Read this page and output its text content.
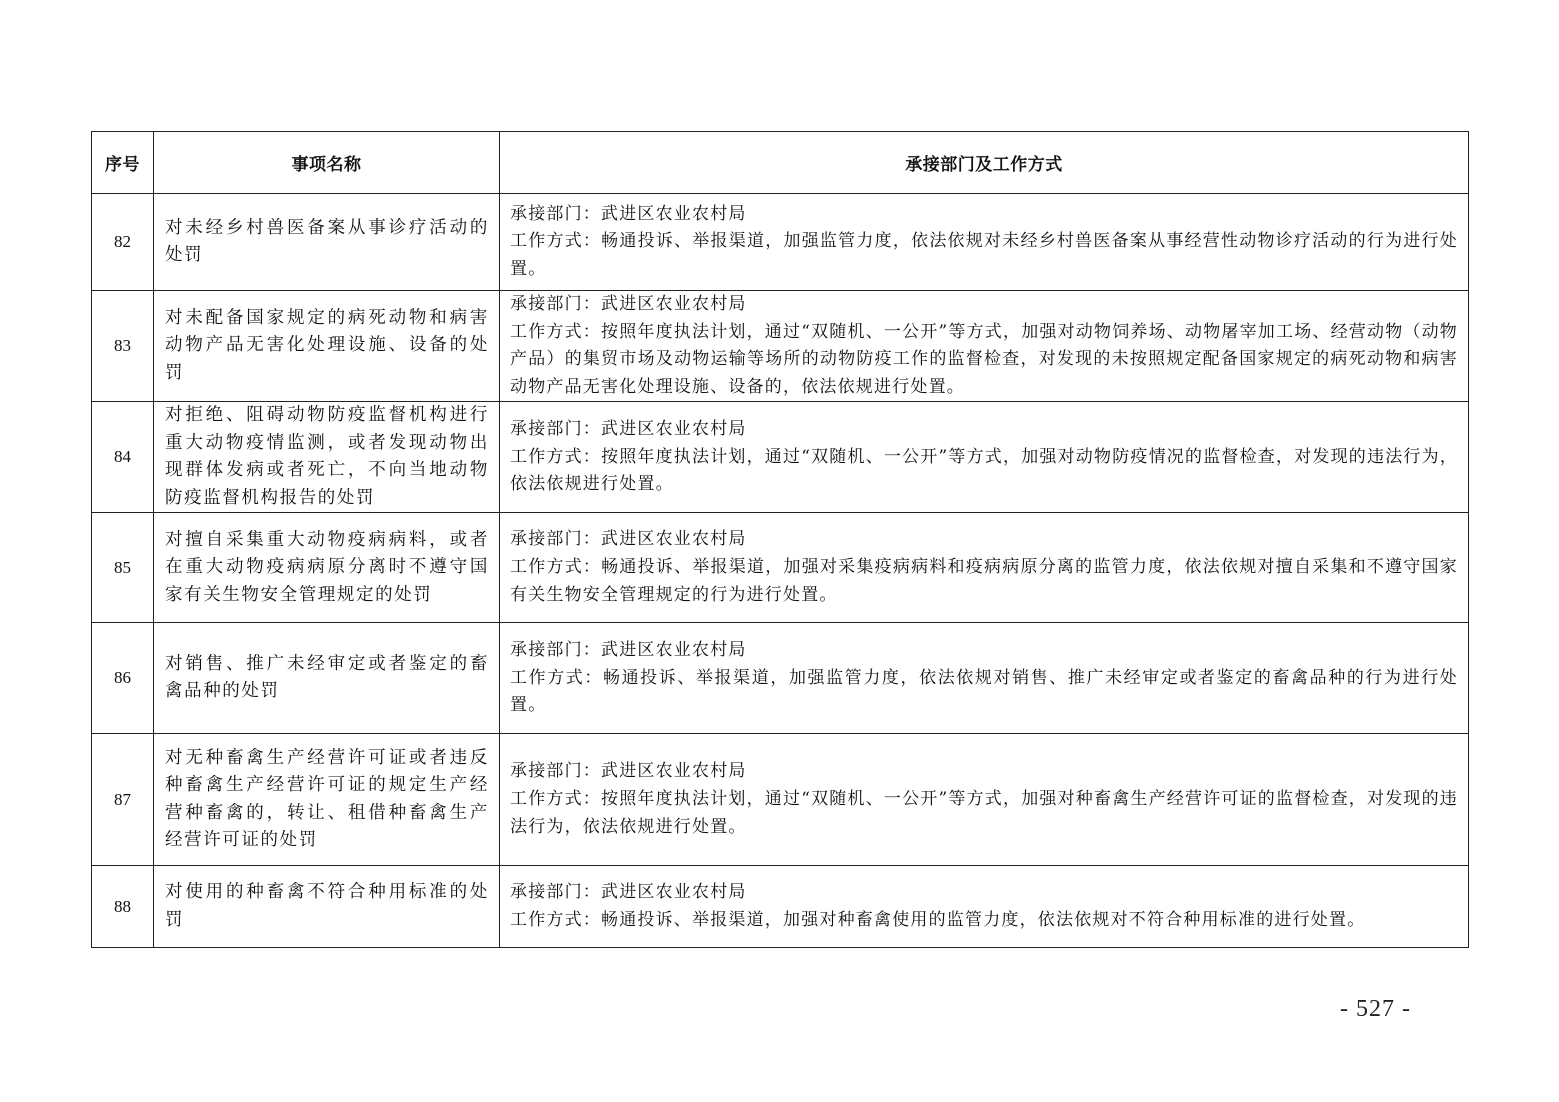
序号	事项名称	承接部门及工作方式
82	对未经乡村兽医备案从事诊疗活动的处罚	承接部门：武进区农业农村局
工作方式：畅通投诉、举报渠道，加强监管力度，依法依规对未经乡村兽医备案从事经营性动物诊疗活动的行为进行处置。

83	对未配备国家规定的病死动物和病害动物产品无害化处理设施、设备的处罚	承接部门：武进区农业农村局
工作方式：按照年度执法计划，通过“双随机、一公开”等方式，加强对动物饲养场、动物屠宰加工场、经营动物（动物产品）的集贸市场及动物运输等场所的动物防疫工作的监督检查，对发现的未按照规定配备国家规定的病死动物和病害动物产品无害化处理设施、设备的，依法依规进行处置。

84	对拒绝、阻碍动物防疫监督机构进行重大动物疫情监测，或者发现动物出现群体发病或者死亡，不向当地动物防疫监督机构报告的处罚	承接部门：武进区农业农村局
工作方式：按照年度执法计划，通过“双随机、一公开”等方式，加强对动物防疫情况的监督检查，对发现的违法行为，依法依规进行处置。

85	对擅自采集重大动物疫病病料，或者在重大动物疫病病原分离时不遵守国家有关生物安全管理规定的处罚	承接部门：武进区农业农村局
工作方式：畅通投诉、举报渠道，加强对采集疫病病料和疫病病原分离的监管力度，依法依规对擅自采集和不遵守国家有关生物安全管理规定的行为进行处置。

86	对销售、推广未经审定或者鉴定的畜禽品种的处罚	承接部门：武进区农业农村局
工作方式：畅通投诉、举报渠道，加强监管力度，依法依规对销售、推广未经审定或者鉴定的畜禽品种的行为进行处置。

87	对无种畜禽生产经营许可证或者违反种畜禽生产经营许可证的规定生产经营种畜禽的，转让、租借种畜禽生产经营许可证的处罚	承接部门：武进区农业农村局
工作方式：按照年度执法计划，通过“双随机、一公开”等方式，加强对种畜禽生产经营许可证的监督检查，对发现的违法行为，依法依规进行处置。

88	对使用的种畜禽不符合种用标准的处罚	承接部门：武进区农业农村局
工作方式：畅通投诉、举报渠道，加强对种畜禽使用的监管力度，依法依规对不符合种用标准的进行处置。
- 527 -
